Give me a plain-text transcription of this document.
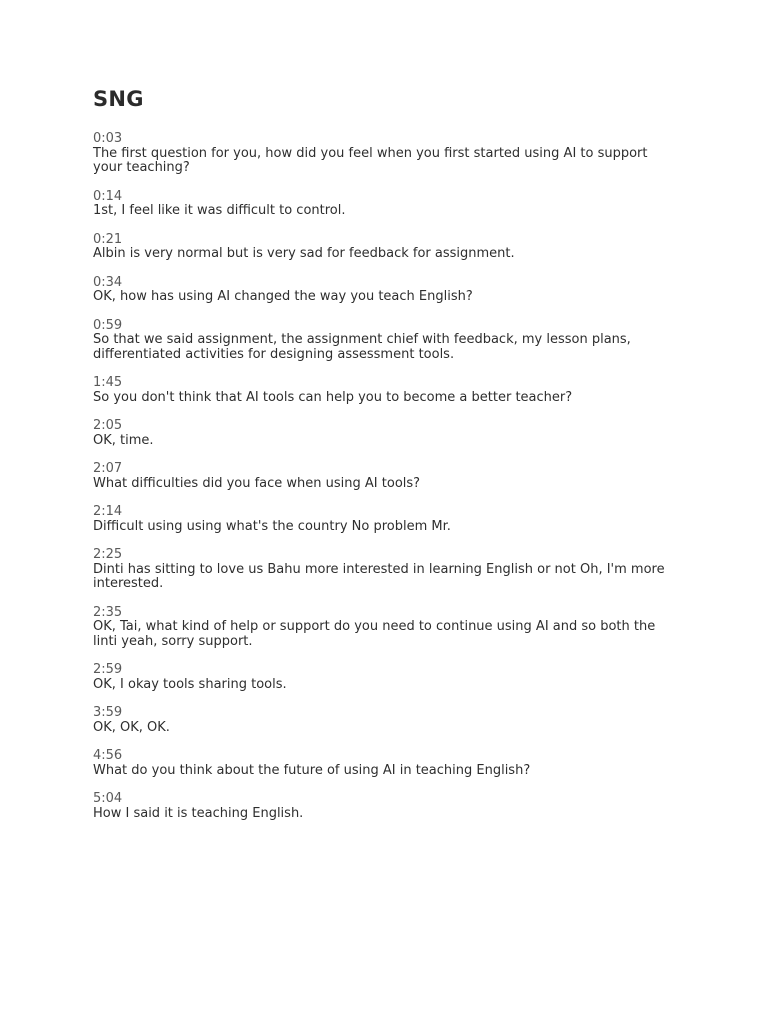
SNG
0:03
The first question for you, how did you feel when you first started using AI to support your teaching?
0:14
1st, I feel like it was difficult to control.
0:21
Albin is very normal but is very sad for feedback for assignment.
0:34
OK, how has using AI changed the way you teach English?
0:59
So that we said assignment, the assignment chief with feedback, my lesson plans, differentiated activities for designing assessment tools.
1:45
So you don't think that AI tools can help you to become a better teacher?
2:05
OK, time.
2:07
What difficulties did you face when using AI tools?
2:14
Difficult using using what's the country No problem Mr.
2:25
Dinti has sitting to love us Bahu more interested in learning English or not Oh, I'm more interested.
2:35
OK, Tai, what kind of help or support do you need to continue using AI and so both the linti yeah, sorry support.
2:59
OK, I okay tools sharing tools.
3:59
OK, OK, OK.
4:56
What do you think about the future of using AI in teaching English?
5:04
How I said it is teaching English.
